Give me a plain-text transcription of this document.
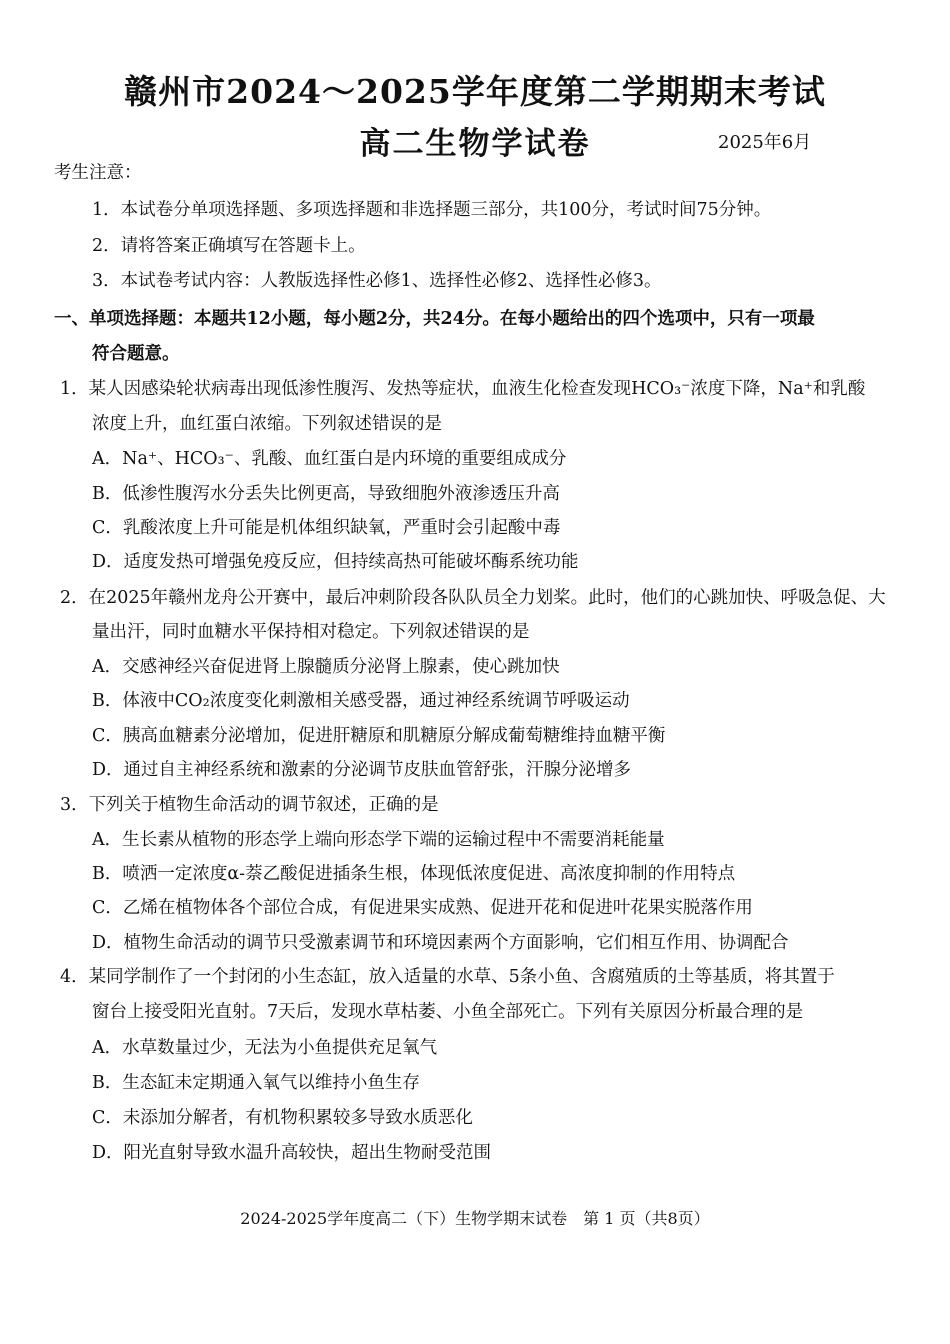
赣州市2024～2025学年度第二学期期末考试
高二生物学试卷	2025年6月
考生注意：
1．本试卷分单项选择题、多项选择题和非选择题三部分，共100分，考试时间75分钟。
2．请将答案正确填写在答题卡上。
3．本试卷考试内容：人教版选择性必修1、选择性必修2、选择性必修3。
一、单项选择题：本题共12小题，每小题2分，共24分。在每小题给出的四个选项中，只有一项最
符合题意。
1．某人因感染轮状病毒出现低渗性腹泻、发热等症状，血液生化检查发现HCO₃⁻浓度下降，Na⁺和乳酸
浓度上升，血红蛋白浓缩。下列叙述错误的是
A．Na⁺、HCO₃⁻、乳酸、血红蛋白是内环境的重要组成成分
B．低渗性腹泻水分丢失比例更高，导致细胞外液渗透压升高
C．乳酸浓度上升可能是机体组织缺氧，严重时会引起酸中毒
D．适度发热可增强免疫反应，但持续高热可能破坏酶系统功能
2．在2025年赣州龙舟公开赛中，最后冲刺阶段各队队员全力划桨。此时，他们的心跳加快、呼吸急促、大
量出汗，同时血糖水平保持相对稳定。下列叙述错误的是
A．交感神经兴奋促进肾上腺髓质分泌肾上腺素，使心跳加快
B．体液中CO₂浓度变化刺激相关感受器，通过神经系统调节呼吸运动
C．胰高血糖素分泌增加，促进肝糖原和肌糖原分解成葡萄糖维持血糖平衡
D．通过自主神经系统和激素的分泌调节皮肤血管舒张，汗腺分泌增多
3．下列关于植物生命活动的调节叙述，正确的是
A．生长素从植物的形态学上端向形态学下端的运输过程中不需要消耗能量
B．喷洒一定浓度α-萘乙酸促进插条生根，体现低浓度促进、高浓度抑制的作用特点
C．乙烯在植物体各个部位合成，有促进果实成熟、促进开花和促进叶花果实脱落作用
D．植物生命活动的调节只受激素调节和环境因素两个方面影响，它们相互作用、协调配合
4．某同学制作了一个封闭的小生态缸，放入适量的水草、5条小鱼、含腐殖质的土等基质，将其置于
窗台上接受阳光直射。7天后，发现水草枯萎、小鱼全部死亡。下列有关原因分析最合理的是
A．水草数量过少，无法为小鱼提供充足氧气
B．生态缸未定期通入氧气以维持小鱼生存
C．未添加分解者，有机物积累较多导致水质恶化
D．阳光直射导致水温升高较快，超出生物耐受范围
2024-2025学年度高二（下）生物学期末试卷　第 1 页（共8页）
